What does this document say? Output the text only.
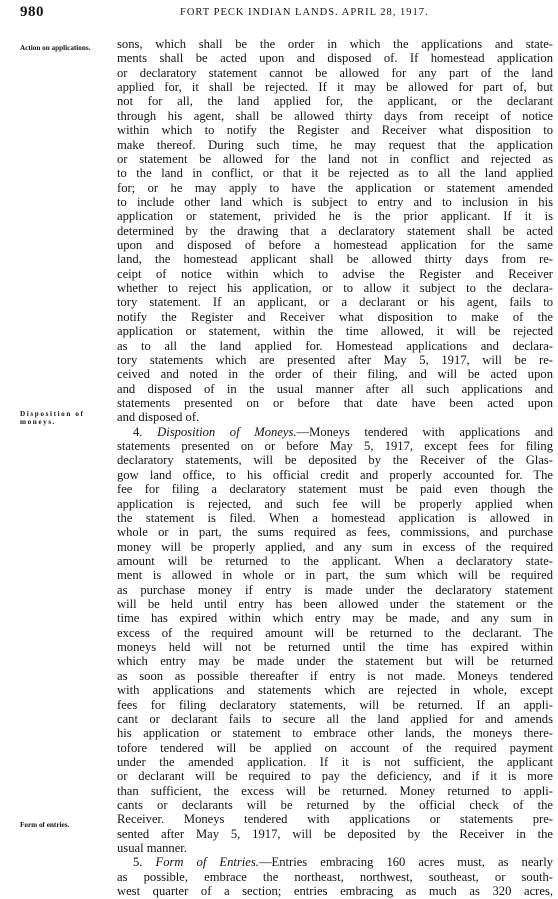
980	FORT PECK INDIAN LANDS. APRIL 28, 1917.
Action on applications.
Disposition of moneys.
Form of entries.
sons, which shall be the order in which the applications and state-
ments shall be acted upon and disposed of. If homestead application
or declaratory statement cannot be allowed for any part of the land
applied for, it shall be rejected. If it may be allowed for part of, but
not for all, the land applied for, the applicant, or the declarant
through his agent, shall be allowed thirty days from receipt of notice
within which to notify the Register and Receiver what disposition to
make thereof. During such time, he may request that the application
or statement be allowed for the land not in conflict and rejected as
to the land in conflict, or that it be rejected as to all the land applied
for; or he may apply to have the application or statement amended
to include other land which is subject to entry and to inclusion in his
application or statement, privided he is the prior applicant. If it is
determined by the drawing that a declaratory statement shall be acted
upon and disposed of before a homestead application for the same
land, the homestead applicant shall be allowed thirty days from re-
ceipt of notice within which to advise the Register and Receiver
whether to reject his application, or to allow it subject to the declara-
tory statement. If an applicant, or a declarant or his agent, fails to
notify the Register and Receiver what disposition to make of the
application or statement, within the time allowed, it will be rejected
as to all the land applied for. Homestead applications and declara-
tory statements which are presented after May 5, 1917, will be re-
ceived and noted in the order of their filing, and will be acted upon
and disposed of in the usual manner after all such applications and
statements presented on or before that date have been acted upon
and disposed of.
4. Disposition of Moneys.—Moneys tendered with applications and
statements presented on or before May 5, 1917, except fees for filing
declaratory statements, will be deposited by the Receiver of the Glas-
gow land office, to his official credit and properly accounted for. The
fee for filing a declaratory statement must be paid even though the
application is rejected, and such fee will be properly applied when
the statement is filed. When a homestead application is allowed in
whole or in part, the sums required as fees, commissions, and purchase
money will be properly applied, and any sum in excess of the required
amount will be returned to the applicant. When a declaratory state-
ment is allowed in whole or in part, the sum which will be required
as purchase money if entry is made under the declaratory statement
will be held until entry has been allowed under the statement or the
time has expired within which entry may be made, and any sum in
excess of the required amount will be returned to the declarant. The
moneys held will not be returned until the time has expired within
which entry may be made under the statement but will be returned
as soon as possible thereafter if entry is not made. Moneys tendered
with applications and statements which are rejected in whole, except
fees for filing declaratory statements, will be returned. If an appli-
cant or declarant fails to secure all the land applied for and amends
his application or statement to embrace other lands, the moneys there-
tofore tendered will be applied on account of the required payment
under the amended application. If it is not sufficient, the applicant
or declarant will be required to pay the deficiency, and if it is more
than sufficient, the excess will be returned. Money returned to appli-
cants or declarants will be returned by the official check of the
Receiver. Moneys tendered with applications or statements pre-
sented after May 5, 1917, will be deposited by the Receiver in the
usual manner.
5. Form of Entries.—Entries embracing 160 acres must, as nearly
as possible, embrace the northeast, northwest, southeast, or south-
west quarter of a section; entries embracing as much as 320 acres,
